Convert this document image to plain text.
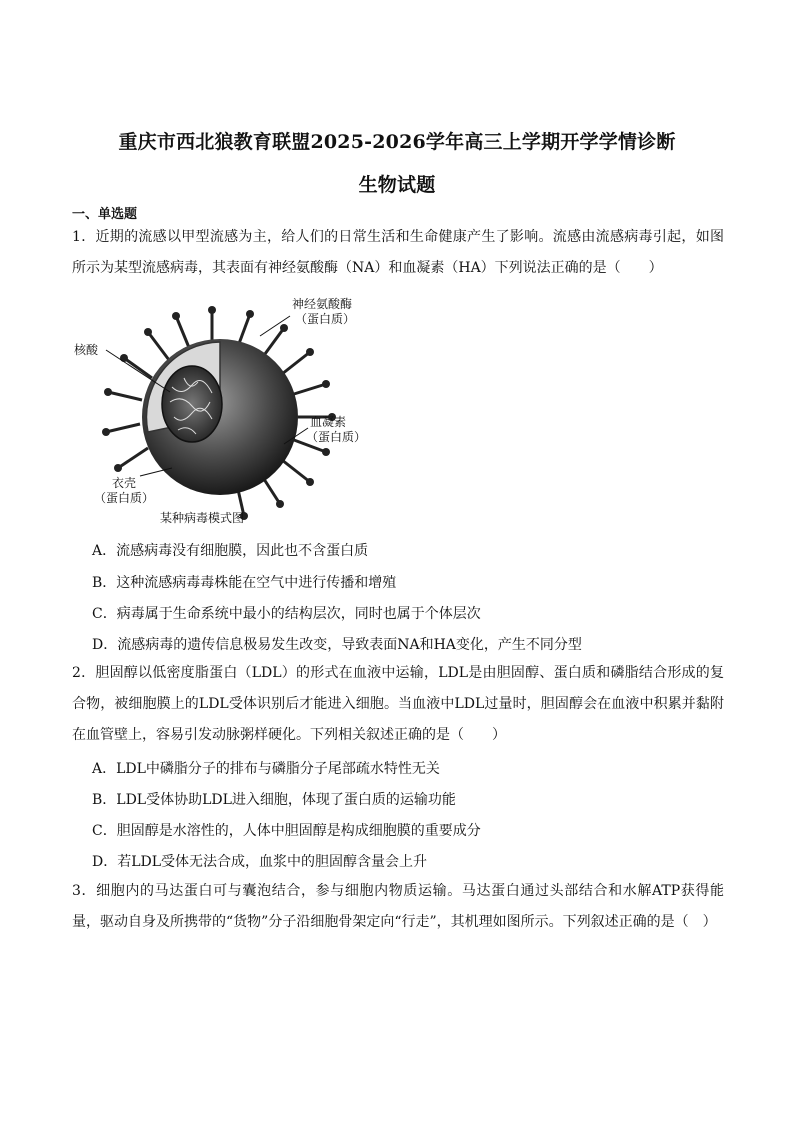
重庆市西北狼教育联盟2025-2026学年高三上学期开学学情诊断
生物试题
一、单选题
1．近期的流感以甲型流感为主，给人们的日常生活和生命健康产生了影响。流感由流感病毒引起，如图所示为某型流感病毒，其表面有神经氨酸酶（NA）和血凝素（HA）下列说法正确的是（　　）
神经氨酸酶
（蛋白质）
核酸
血凝素
（蛋白质）
衣壳
（蛋白质）
某种病毒模式图
A．流感病毒没有细胞膜，因此也不含蛋白质
B．这种流感病毒毒株能在空气中进行传播和增殖
C．病毒属于生命系统中最小的结构层次，同时也属于个体层次
D．流感病毒的遗传信息极易发生改变，导致表面NA和HA变化，产生不同分型
2．胆固醇以低密度脂蛋白（LDL）的形式在血液中运输，LDL是由胆固醇、蛋白质和磷脂结合形成的复合物，被细胞膜上的LDL受体识别后才能进入细胞。当血液中LDL过量时，胆固醇会在血液中积累并黏附在血管壁上，容易引发动脉粥样硬化。下列相关叙述正确的是（　　）
A．LDL中磷脂分子的排布与磷脂分子尾部疏水特性无关
B．LDL受体协助LDL进入细胞，体现了蛋白质的运输功能
C．胆固醇是水溶性的，人体中胆固醇是构成细胞膜的重要成分
D．若LDL受体无法合成，血浆中的胆固醇含量会上升
3．细胞内的马达蛋白可与囊泡结合，参与细胞内物质运输。马达蛋白通过头部结合和水解ATP获得能量，驱动自身及所携带的“货物”分子沿细胞骨架定向“行走”，其机理如图所示。下列叙述正确的是（　）
